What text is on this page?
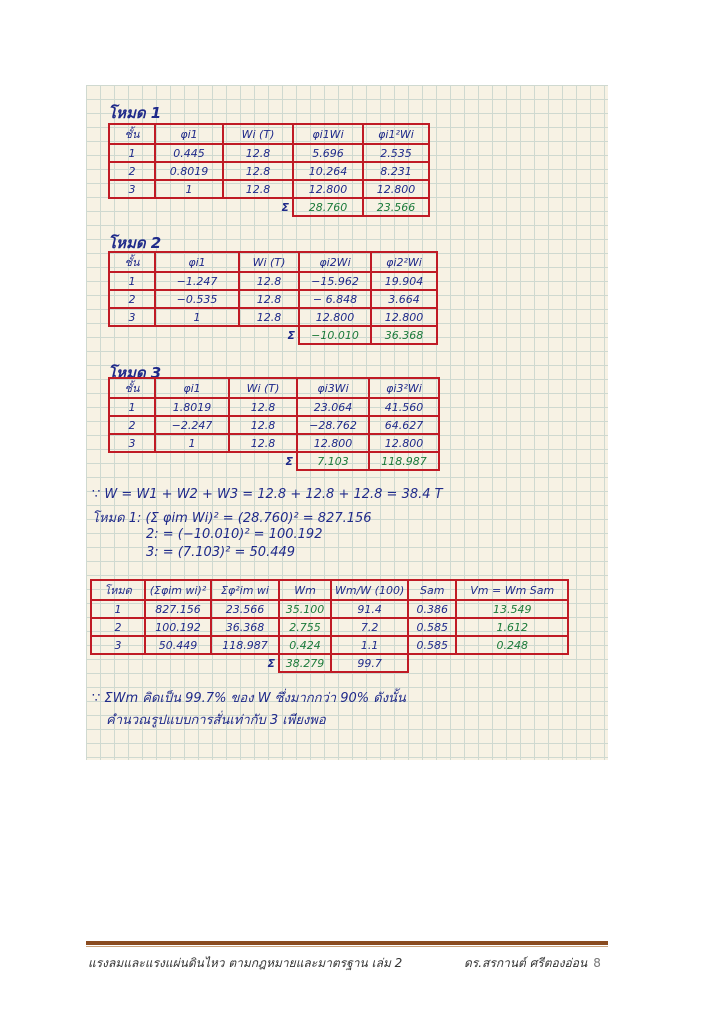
โหมด 1
ชั้น	φi1	Wi (T)	φi1Wi	φi1²Wi
1	0.445	12.8	5.696	2.535
2	0.8019	12.8	10.264	8.231
3	1	12.8	12.800	12.800
		Σ	28.760	23.566
โหมด 2
ชั้น	φi1	Wi (T)	φi2Wi	φi2²Wi
1	−1.247	12.8	−15.962	19.904
2	−0.535	12.8	− 6.848	3.664
3	1	12.8	12.800	12.800
		Σ	−10.010	36.368
โหมด 3
ชั้น	φi1	Wi (T)	φi3Wi	φi3²Wi
1	1.8019	12.8	23.064	41.560
2	−2.247	12.8	−28.762	64.627
3	1	12.8	12.800	12.800
		Σ	7.103	118.987
∵ W = W1 + W2 + W3 = 12.8 + 12.8 + 12.8 = 38.4 T
โหมด 1: (Σ φim Wi)² = (28.760)² = 827.156
2: = (−10.010)² = 100.192
3: = (7.103)² = 50.449
โหมด	(Σφim wi)²	Σφ²im wi	Wm	Wm/W (100)	Sam	Vm = Wm Sam
1	827.156	23.566	35.100	91.4	0.386	13.549
2	100.192	36.368	2.755	7.2	0.585	1.612
3	50.449	118.987	0.424	1.1	0.585	0.248
		Σ	38.279	99.7		
∵ ΣWm คิดเป็น 99.7% ของ W ซึ่งมากกว่า 90% ดังนั้น
คำนวณรูปแบบการสั่นเท่ากับ 3 เพียงพอ
แรงลมและแรงแผ่นดินไหว ตามกฎหมายและมาตรฐาน เล่ม 2	ดร.สรกานต์ ศรีตองอ่อน 8
